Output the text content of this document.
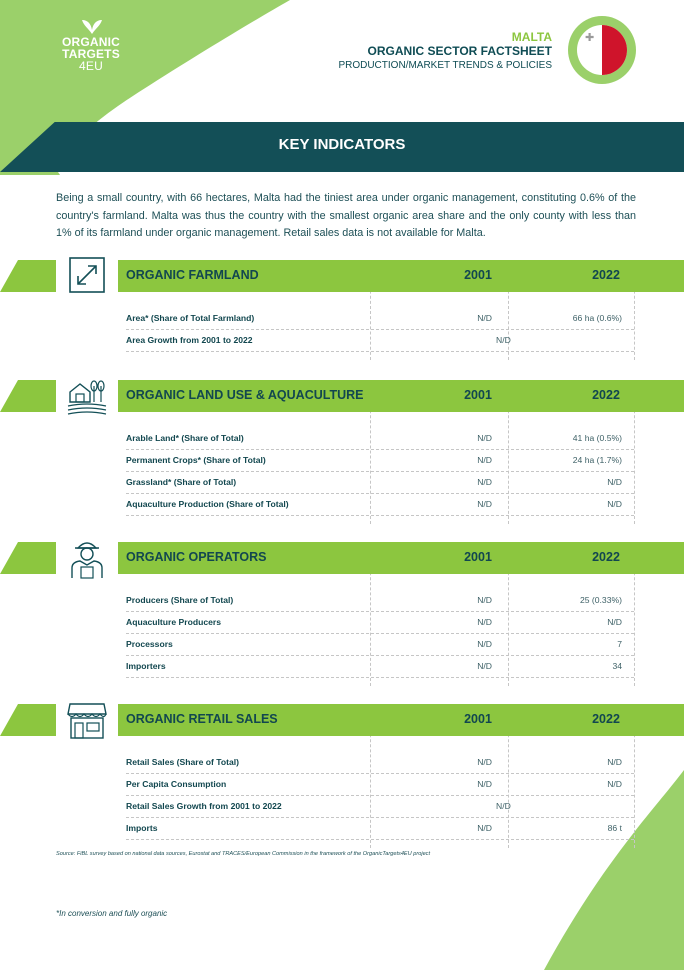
ORGANIC
TARGETS
4EU
MALTA
ORGANIC SECTOR FACTSHEET
PRODUCTION/MARKET TRENDS & POLICIES
✚
KEY INDICATORS
Being a small country, with 66 hectares, Malta had the tiniest area under organic management, constituting 0.6% of the country's farmland. Malta was thus the country with the smallest organic area share and the only county with less than 1% of its farmland under organic management. Retail sales data is not available for Malta.
ORGANIC FARMLAND	2001	2022
Area* (Share of Total Farmland)	N/D	66 ha (0.6%)
Area Growth from 2001 to 2022	N/D
ORGANIC LAND USE & AQUACULTURE	2001	2022
Arable Land* (Share of Total)	N/D	41 ha (0.5%)
Permanent Crops* (Share of Total)	N/D	24 ha (1.7%)
Grassland* (Share of Total)	N/D	N/D
Aquaculture Production (Share of Total)	N/D	N/D
ORGANIC OPERATORS	2001	2022
Producers (Share of Total)	N/D	25 (0.33%)
Aquaculture Producers	N/D	N/D
Processors	N/D	7
Importers	N/D	34
ORGANIC RETAIL SALES	2001	2022
Retail Sales (Share of Total)	N/D	N/D
Per Capita Consumption	N/D	N/D
Retail Sales Growth from 2001 to 2022	N/D
Imports	N/D	86 t
Source: FiBL survey based on national data sources, Eurostat and TRACES/European Commission in the framework of the OrganicTargets4EU project
*In conversion and fully organic
